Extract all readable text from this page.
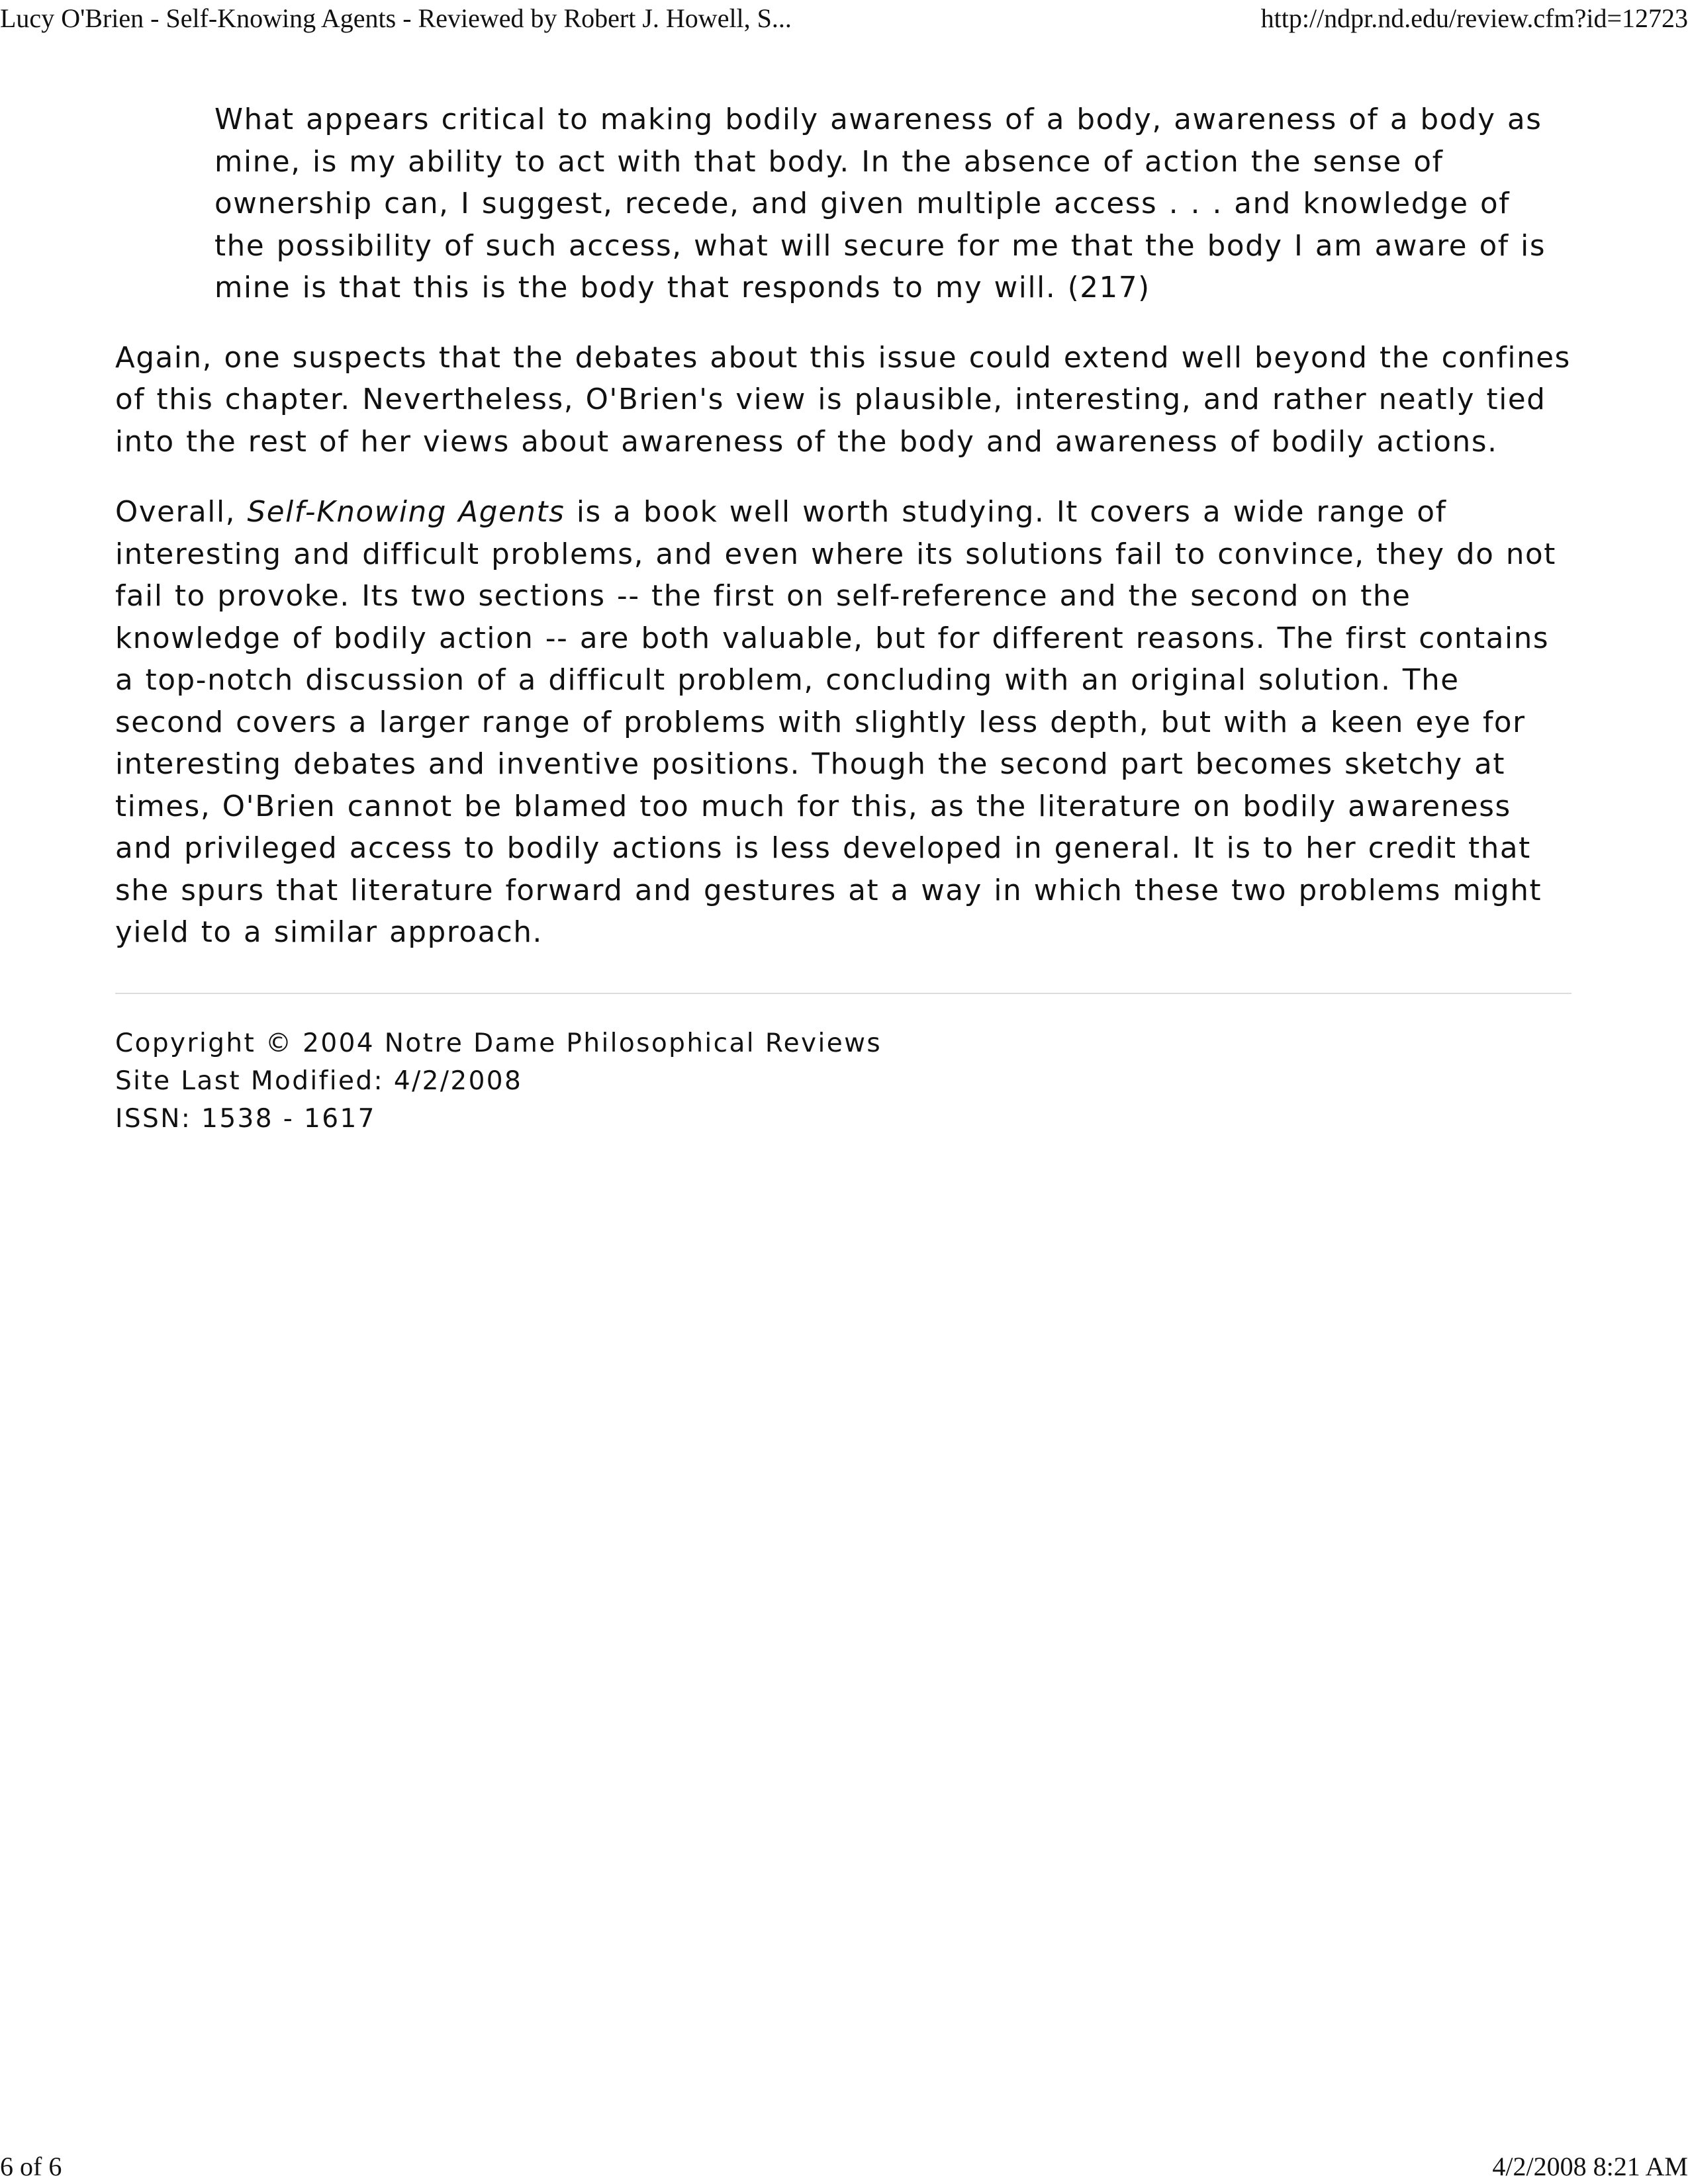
Lucy O'Brien - Self-Knowing Agents - Reviewed by Robert J. Howell, S...	http://ndpr.nd.edu/review.cfm?id=12723

What appears critical to making bodily awareness of a body, awareness of a body as mine, is my ability to act with that body. In the absence of action the sense of ownership can, I suggest, recede, and given multiple access . . . and knowledge of the possibility of such access, what will secure for me that the body I am aware of is mine is that this is the body that responds to my will. (217)

Again, one suspects that the debates about this issue could extend well beyond the confines of this chapter. Nevertheless, O'Brien's view is plausible, interesting, and rather neatly tied into the rest of her views about awareness of the body and awareness of bodily actions.

Overall, Self-Knowing Agents is a book well worth studying. It covers a wide range of interesting and difficult problems, and even where its solutions fail to convince, they do not fail to provoke. Its two sections -- the first on self-reference and the second on the knowledge of bodily action -- are both valuable, but for different reasons. The first contains a top-notch discussion of a difficult problem, concluding with an original solution. The second covers a larger range of problems with slightly less depth, but with a keen eye for interesting debates and inventive positions. Though the second part becomes sketchy at times, O'Brien cannot be blamed too much for this, as the literature on bodily awareness and privileged access to bodily actions is less developed in general. It is to her credit that she spurs that literature forward and gestures at a way in which these two problems might yield to a similar approach.

Copyright © 2004 Notre Dame Philosophical Reviews
Site Last Modified: 4/2/2008
ISSN: 1538 - 1617
6 of 6	4/2/2008 8:21 AM
